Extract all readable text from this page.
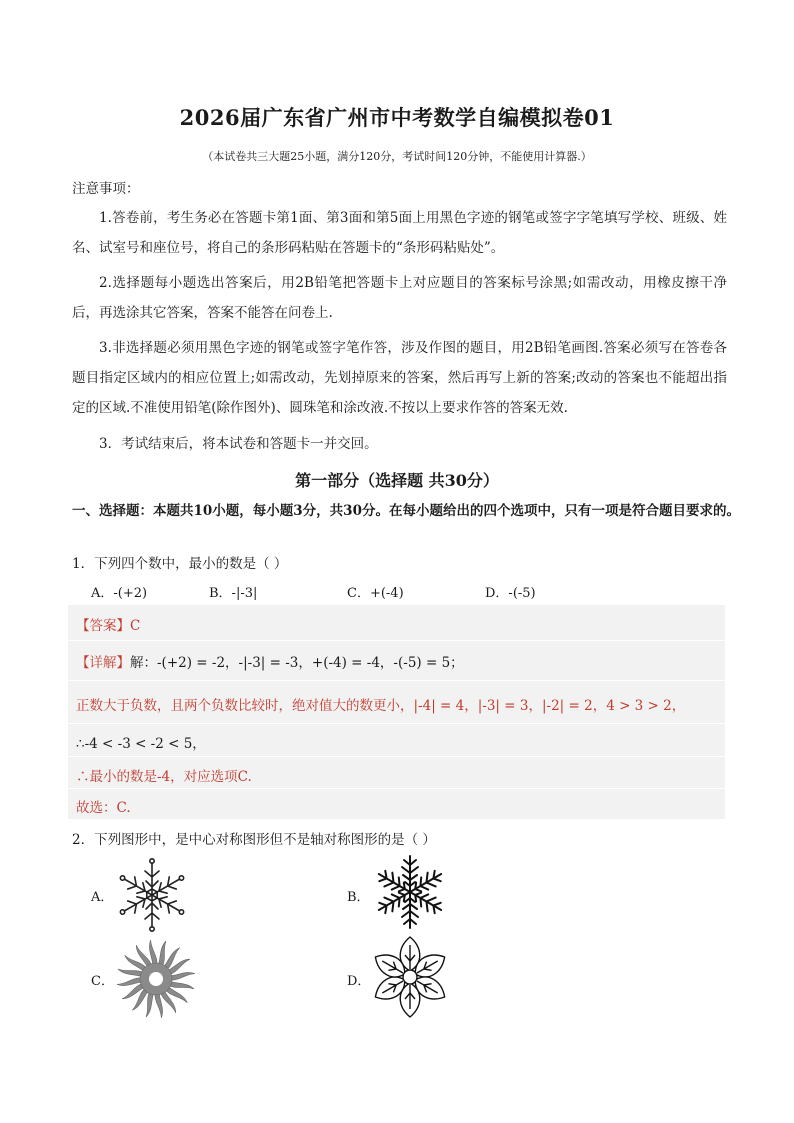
2026届广东省广州市中考数学自编模拟卷01
（本试卷共三大题25小题，满分120分，考试时间120分钟，不能使用计算器.）
注意事项：
1.答卷前，考生务必在答题卡第1面、第3面和第5面上用黑色字迹的钢笔或签字字笔填写学校、班级、姓名、试室号和座位号，将自己的条形码粘贴在答题卡的“条形码粘贴处”。
2.选择题每小题选出答案后，用2B铅笔把答题卡上对应题目的答案标号涂黑;如需改动，用橡皮擦干净后，再选涂其它答案，答案不能答在问卷上.
3.非选择题必须用黑色字迹的钢笔或签字笔作答，涉及作图的题目，用2B铅笔画图.答案必须写在答卷各题目指定区域内的相应位置上;如需改动，先划掉原来的答案，然后再写上新的答案;改动的答案也不能超出指定的区域.不准使用铅笔(除作图外)、圆珠笔和涂改液.不按以上要求作答的答案无效.
3．考试结束后，将本试卷和答题卡一并交回。
第一部分（选择题 共30分）
一、选择题：本题共10小题，每小题3分，共30分。在每小题给出的四个选项中，只有一项是符合题目要求的。
1．下列四个数中，最小的数是（ ）
A．-(+2)	B．-|-3|	C．+(-4)	D．-(-5)
【答案】C
【详解】解：-(+2) = -2，-|-3| = -3，+(-4) = -4，-(-5) = 5；
正数大于负数，且两个负数比较时，绝对值大的数更小，|-4| = 4，|-3| = 3，|-2| = 2，4 > 3 > 2，
∴-4 < -3 < -2 < 5，
∴最小的数是-4，对应选项C.
故选：C.
2．下列图形中，是中心对称图形但不是轴对称图形的是（ ）
A．	B．
C．	D．
